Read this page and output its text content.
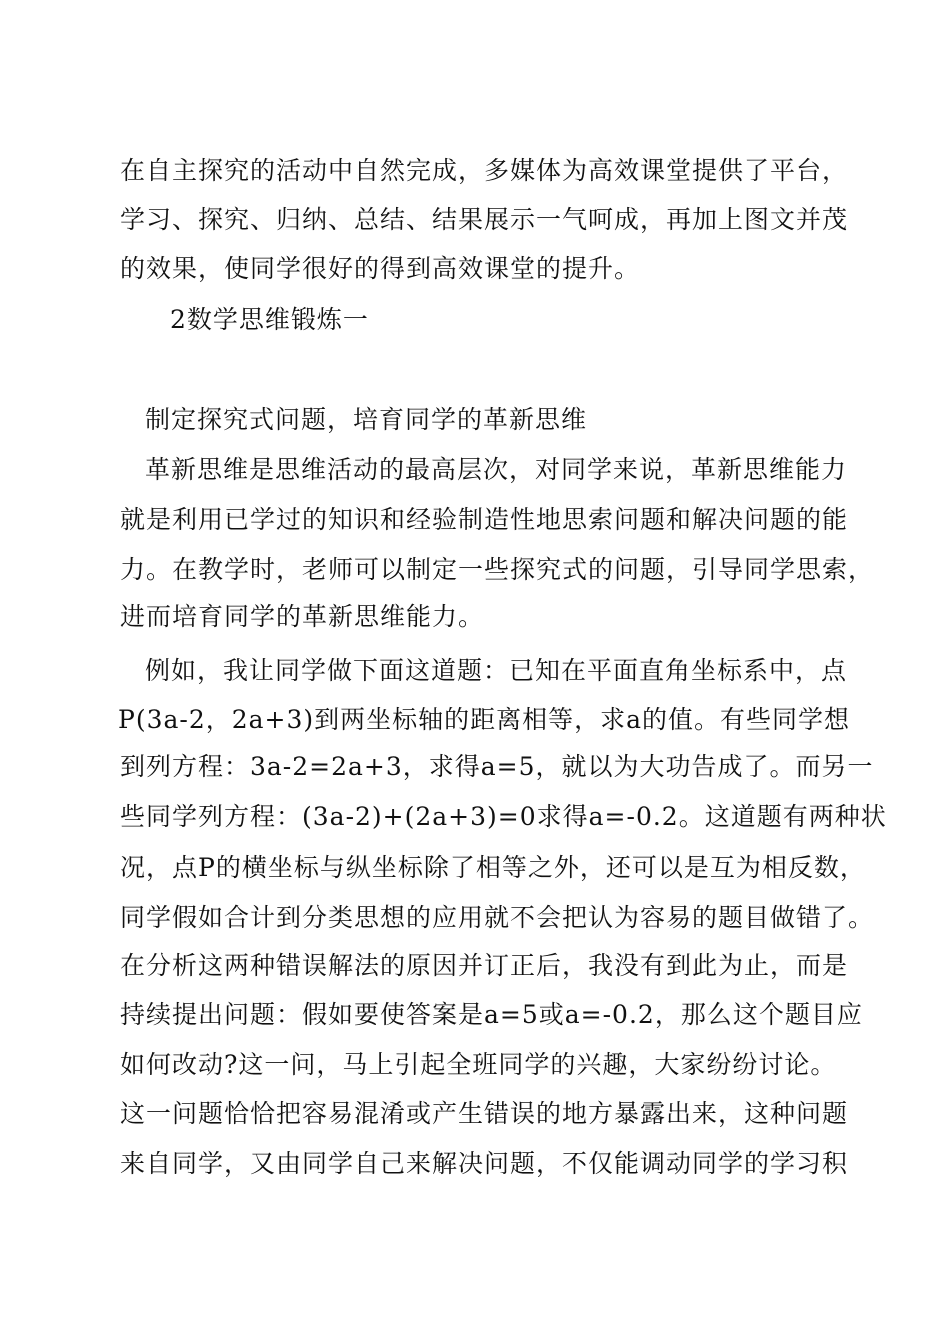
在自主探究的活动中自然完成，多媒体为高效课堂提供了平台，
学习、探究、归纳、总结、结果展示一气呵成，再加上图文并茂
的效果，使同学很好的得到高效课堂的提升。
2数学思维锻炼一
制定探究式问题，培育同学的革新思维
革新思维是思维活动的最高层次，对同学来说，革新思维能力
就是利用已学过的知识和经验制造性地思索问题和解决问题的能
力。在教学时，老师可以制定一些探究式的问题，引导同学思索，
进而培育同学的革新思维能力。
例如，我让同学做下面这道题：已知在平面直角坐标系中，点
P(3a-2，2a+3)到两坐标轴的距离相等，求a的值。有些同学想
到列方程：3a-2=2a+3，求得a=5，就以为大功告成了。而另一
些同学列方程：(3a-2)+(2a+3)=0求得a=-0.2。这道题有两种状
况，点P的横坐标与纵坐标除了相等之外，还可以是互为相反数，
同学假如合计到分类思想的应用就不会把认为容易的题目做错了。
在分析这两种错误解法的原因并订正后，我没有到此为止，而是
持续提出问题：假如要使答案是a=5或a=-0.2，那么这个题目应
如何改动?这一问，马上引起全班同学的兴趣，大家纷纷讨论。
这一问题恰恰把容易混淆或产生错误的地方暴露出来，这种问题
来自同学，又由同学自己来解决问题，不仅能调动同学的学习积
